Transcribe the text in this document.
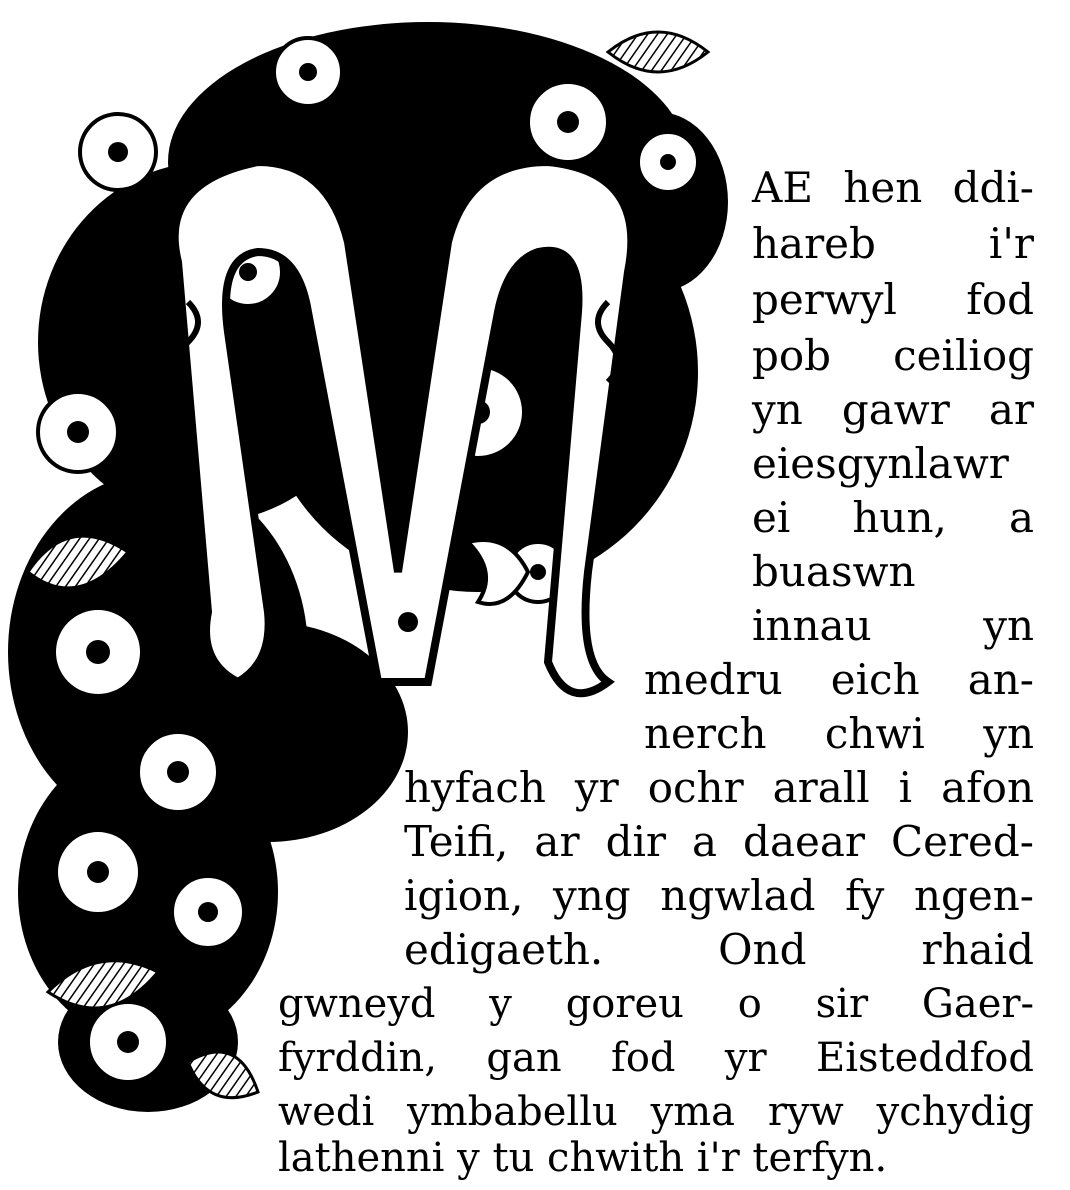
AE hen ddi-
hareb i'r
perwyl fod
pob ceiliog
yn gawr ar
eiesgynlawr
ei hun, a
buaswn
innau yn
medru eich an-
nerch chwi yn
hyfach yr ochr arall i afon
Teifi, ar dir a daear Cered-
igion, yng ngwlad fy ngen-
edigaeth. Ond rhaid
gwneyd y goreu o sir Gaer-
fyrddin, gan fod yr Eisteddfod
wedi ymbabellu yma ryw ychydig
lathenni y tu chwith i'r terfyn.
